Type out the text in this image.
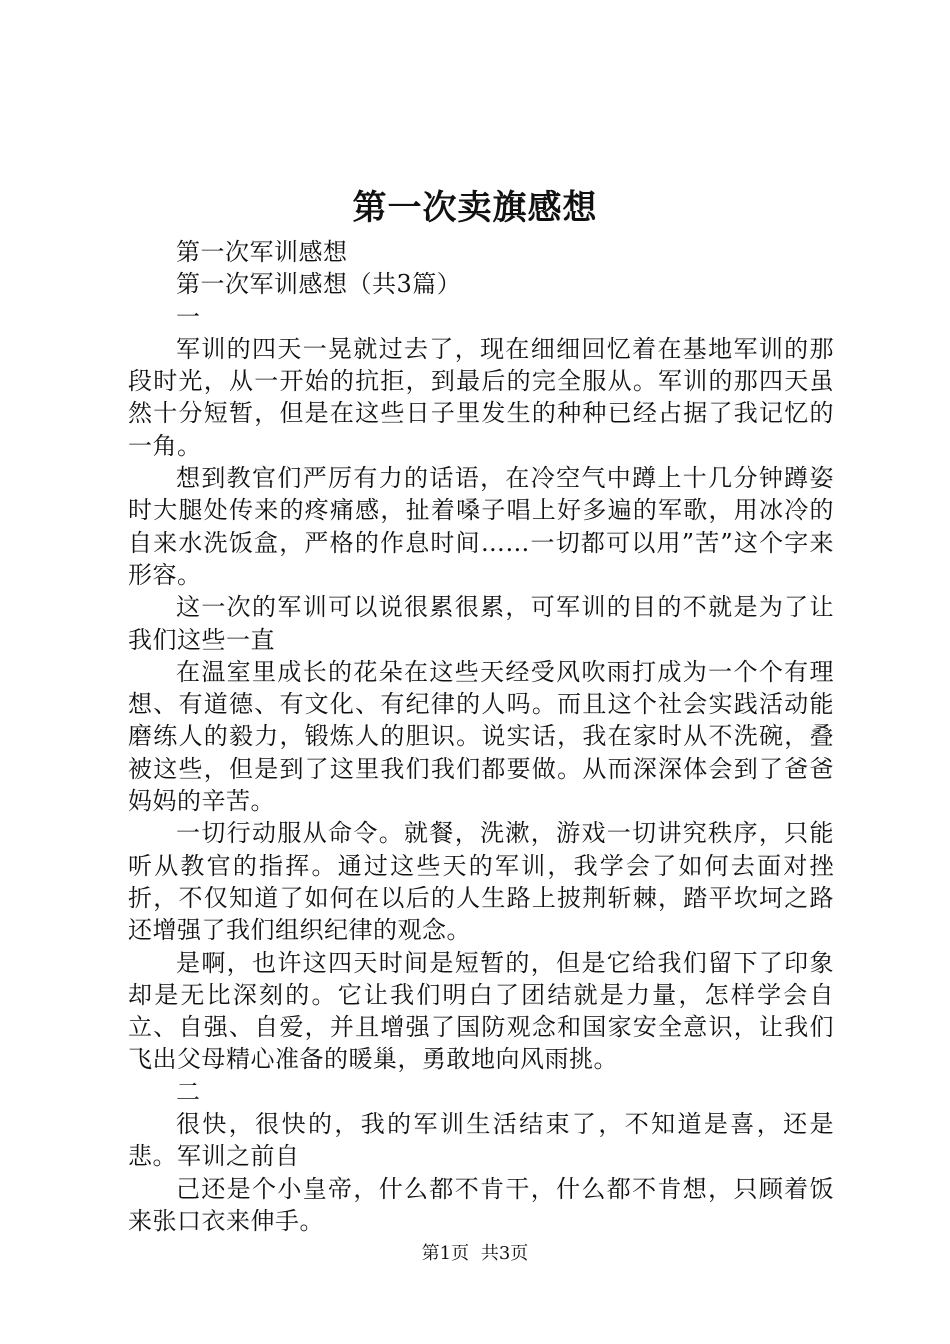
第一次卖旗感想

第一次军训感想

第一次军训感想（共3篇）

一

军训的四天一晃就过去了，现在细细回忆着在基地军训的那段时光，从一开始的抗拒，到最后的完全服从。军训的那四天虽然十分短暂，但是在这些日子里发生的种种已经占据了我记忆的一角。

想到教官们严厉有力的话语，在冷空气中蹲上十几分钟蹲姿时大腿处传来的疼痛感，扯着嗓子唱上好多遍的军歌，用冰冷的自来水洗饭盒，严格的作息时间……一切都可以用”苦”这个字来形容。

这一次的军训可以说很累很累，可军训的目的不就是为了让我们这些一直

在温室里成长的花朵在这些天经受风吹雨打成为一个个有理想、有道德、有文化、有纪律的人吗。而且这个社会实践活动能磨练人的毅力，锻炼人的胆识。说实话，我在家时从不洗碗，叠被这些，但是到了这里我们我们都要做。从而深深体会到了爸爸妈妈的辛苦。

一切行动服从命令。就餐，洗漱，游戏一切讲究秩序，只能听从教官的指挥。通过这些天的军训，我学会了如何去面对挫折，不仅知道了如何在以后的人生路上披荆斩棘，踏平坎坷之路还增强了我们组织纪律的观念。

是啊，也许这四天时间是短暂的，但是它给我们留下了印象却是无比深刻的。它让我们明白了团结就是力量，怎样学会自立、自强、自爱，并且增强了国防观念和国家安全意识，让我们飞出父母精心准备的暖巢，勇敢地向风雨挑。

二

很快，很快的，我的军训生活结束了，不知道是喜，还是悲。军训之前自

己还是个小皇帝，什么都不肯干，什么都不肯想，只顾着饭来张口衣来伸手。

第1页 共3页
